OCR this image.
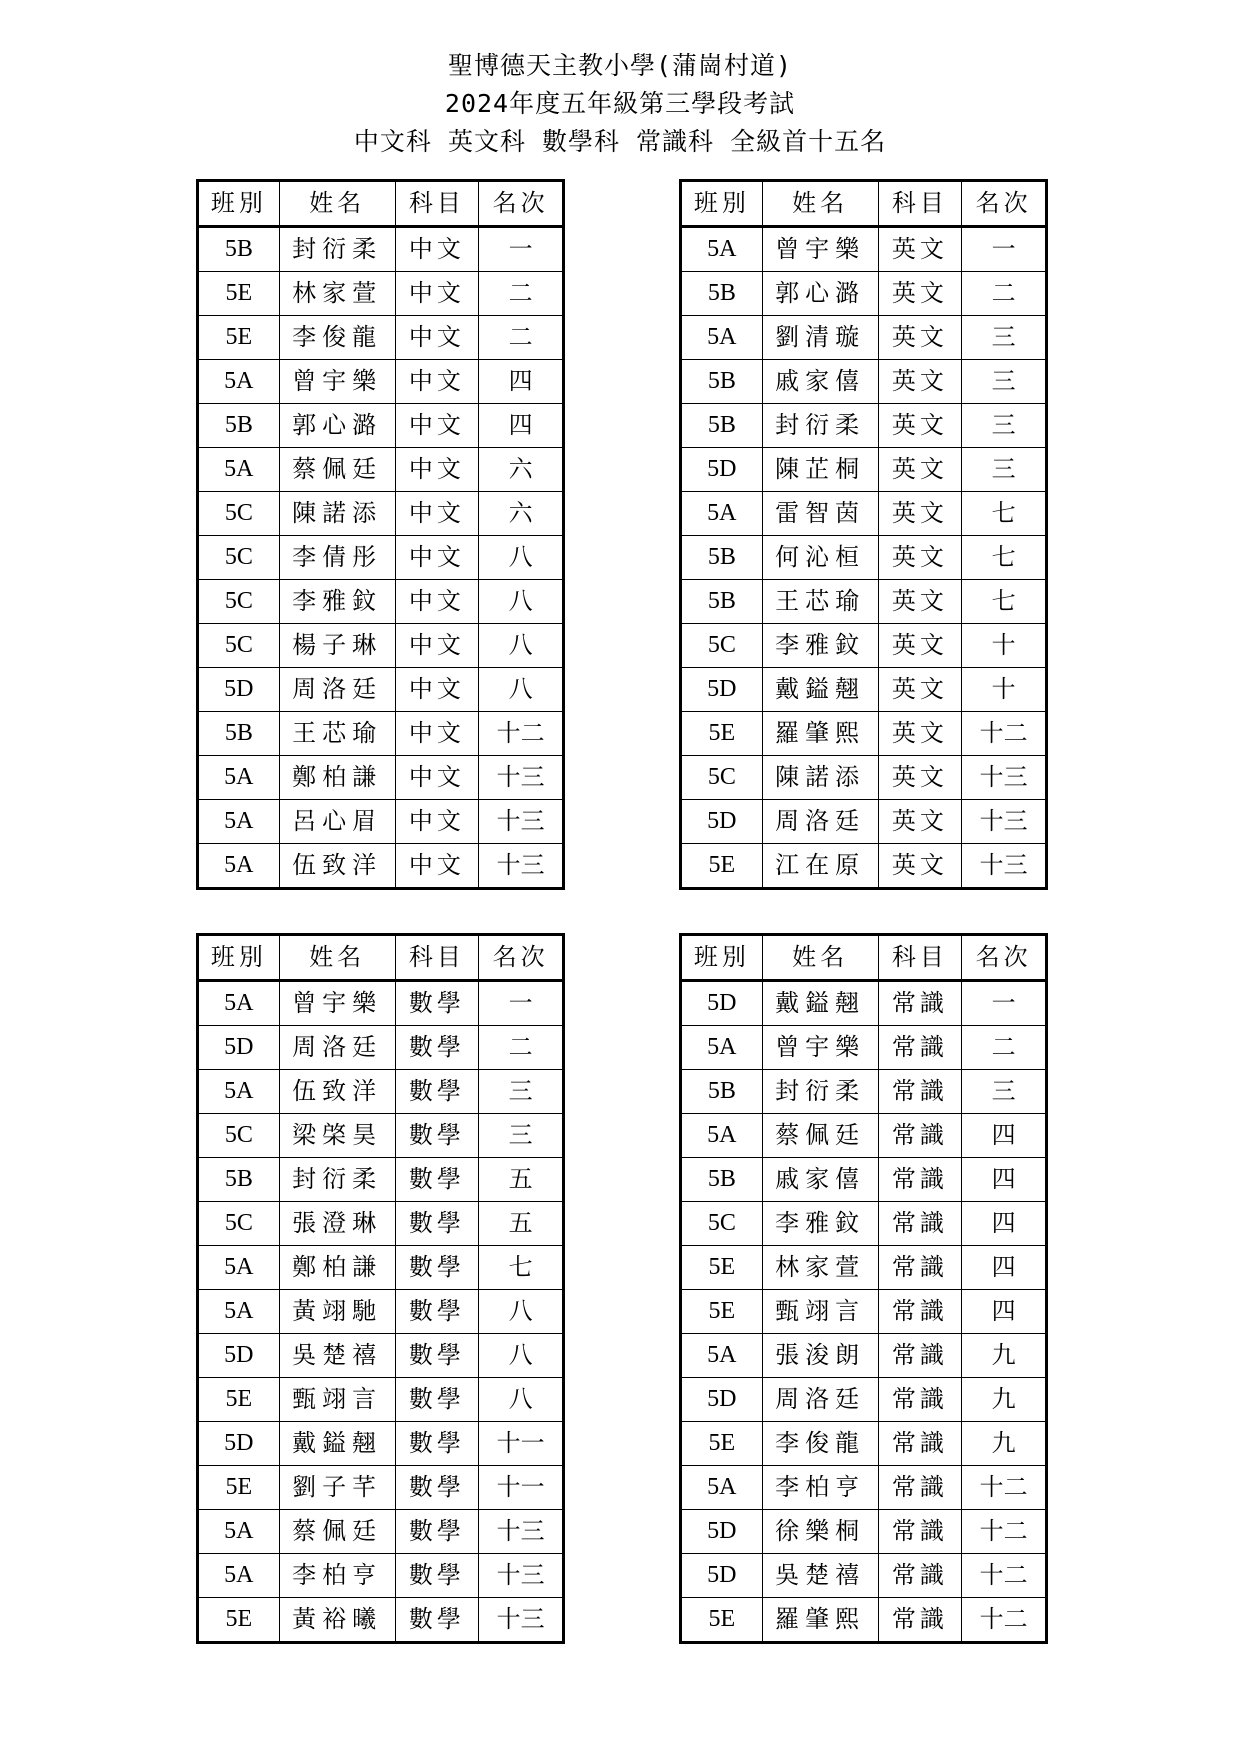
聖博德天主教小學(蒲崗村道)
2024年度五年級第三學段考試
中文科 英文科 數學科 常識科 全級首十五名
班別	姓名	科目	名次
5B	封衍柔	中文	一
5E	林家萱	中文	二
5E	李俊龍	中文	二
5A	曾宇樂	中文	四
5B	郭心潞	中文	四
5A	蔡佩廷	中文	六
5C	陳諾添	中文	六
5C	李倩彤	中文	八
5C	李雅鈫	中文	八
5C	楊子琳	中文	八
5D	周洛廷	中文	八
5B	王芯瑜	中文	十二
5A	鄭柏謙	中文	十三
5A	呂心眉	中文	十三
5A	伍致洋	中文	十三
班別	姓名	科目	名次
5A	曾宇樂	英文	一
5B	郭心潞	英文	二
5A	劉清璇	英文	三
5B	戚家僖	英文	三
5B	封衍柔	英文	三
5D	陳芷桐	英文	三
5A	雷智茵	英文	七
5B	何沁桓	英文	七
5B	王芯瑜	英文	七
5C	李雅鈫	英文	十
5D	戴鎰翹	英文	十
5E	羅肇熙	英文	十二
5C	陳諾添	英文	十三
5D	周洛廷	英文	十三
5E	江在原	英文	十三
班別	姓名	科目	名次
5A	曾宇樂	數學	一
5D	周洛廷	數學	二
5A	伍致洋	數學	三
5C	梁棨昊	數學	三
5B	封衍柔	數學	五
5C	張澄琳	數學	五
5A	鄭柏謙	數學	七
5A	黃翊馳	數學	八
5D	吳楚禧	數學	八
5E	甄翊言	數學	八
5D	戴鎰翹	數學	十一
5E	劉子芊	數學	十一
5A	蔡佩廷	數學	十三
5A	李柏亨	數學	十三
5E	黃裕曦	數學	十三
班別	姓名	科目	名次
5D	戴鎰翹	常識	一
5A	曾宇樂	常識	二
5B	封衍柔	常識	三
5A	蔡佩廷	常識	四
5B	戚家僖	常識	四
5C	李雅鈫	常識	四
5E	林家萱	常識	四
5E	甄翊言	常識	四
5A	張浚朗	常識	九
5D	周洛廷	常識	九
5E	李俊龍	常識	九
5A	李柏亨	常識	十二
5D	徐樂桐	常識	十二
5D	吳楚禧	常識	十二
5E	羅肇熙	常識	十二
